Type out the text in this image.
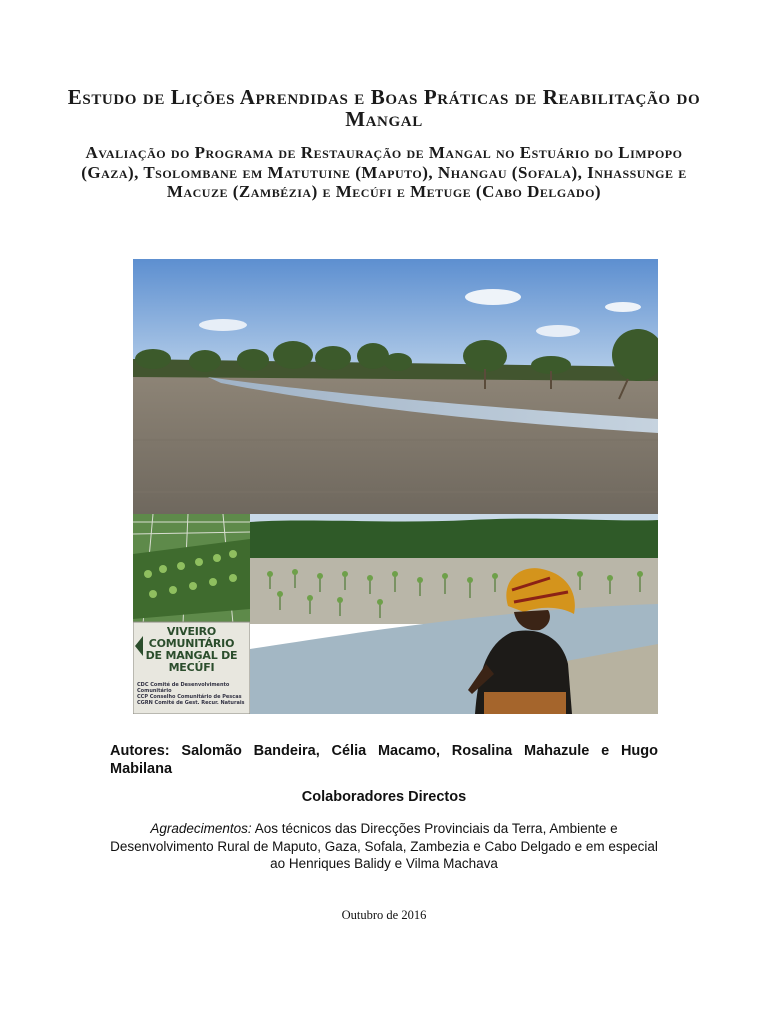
Estudo de Lições Aprendidas e Boas Práticas de Reabilitação do Mangal
Avaliação do Programa de Restauração de Mangal no Estuário do Limpopo (Gaza), Tsolombane em Matutuine (Maputo), Nhangau (Sofala), Inhassunge e Macuze (Zambézia) e Mecúfi e Metuge (Cabo Delgado)
VIVEIRO
COMUNITÁRIO
DE MANGAL DE
MECÚFI
CDC Comité de Desenvolvimento Comunitário
CCP Conselho Comunitário de Pescas
CGRN Comité de Gest. Recur. Naturais
Autores: Salomão Bandeira, Célia Macamo, Rosalina Mahazule e Hugo Mabilana
Colaboradores Directos
Agradecimentos: Aos técnicos das Direcções Provinciais da Terra, Ambiente e Desenvolvimento Rural de Maputo, Gaza, Sofala, Zambezia e Cabo Delgado e em especial ao Henriques Balidy e Vilma Machava
Outubro de 2016
